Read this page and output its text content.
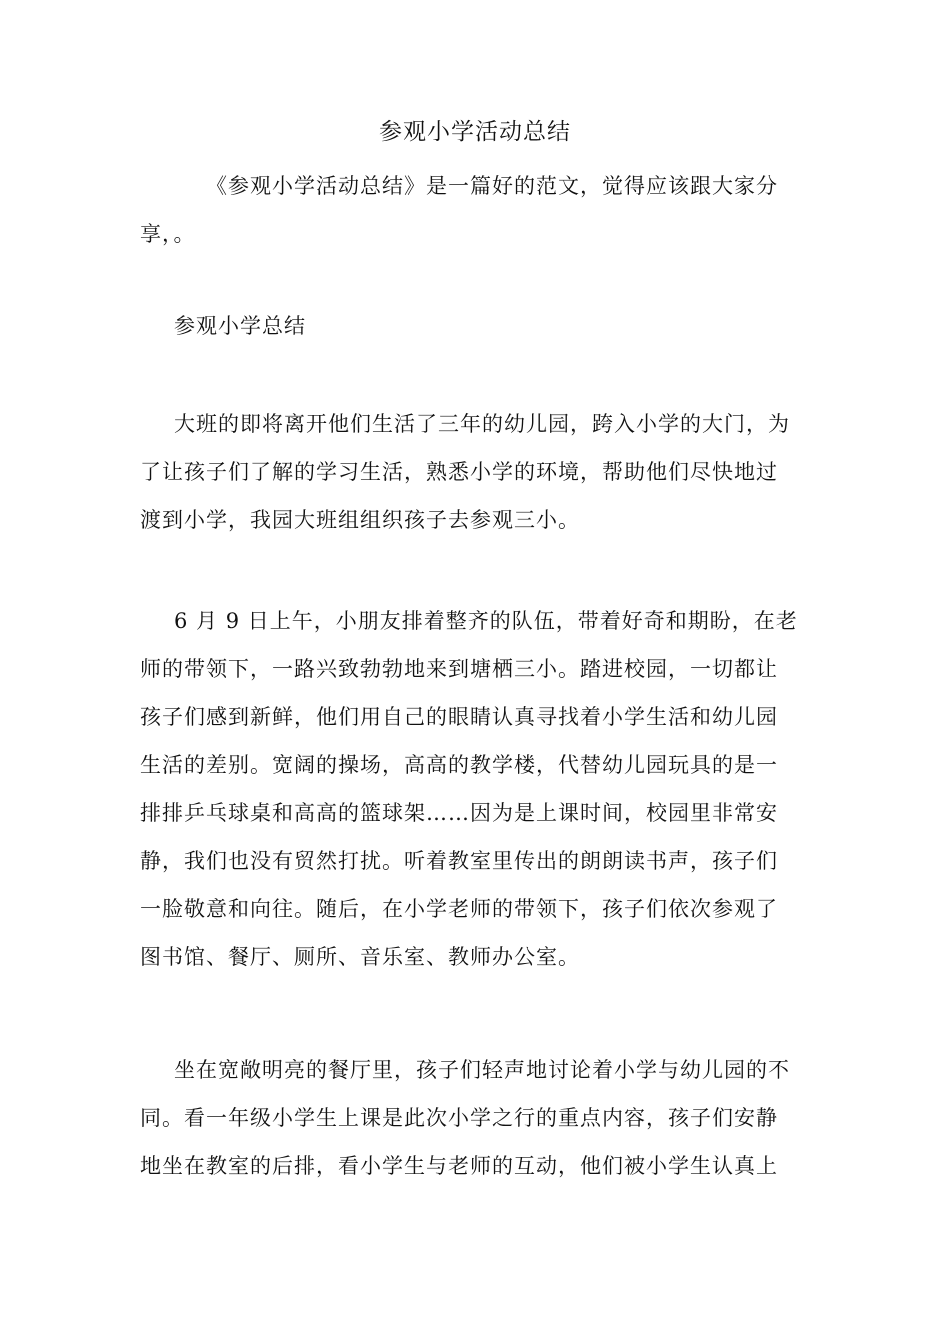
参观小学活动总结
《参观小学活动总结》是一篇好的范文，觉得应该跟大家分
享，。
参观小学总结
大班的即将离开他们生活了三年的幼儿园，跨入小学的大门，为
了让孩子们了解的学习生活，熟悉小学的环境，帮助他们尽快地过
渡到小学，我园大班组组织孩子去参观三小。
6 月 9 日上午，小朋友排着整齐的队伍，带着好奇和期盼，在老
师的带领下，一路兴致勃勃地来到塘栖三小。踏进校园，一切都让
孩子们感到新鲜，他们用自己的眼睛认真寻找着小学生活和幼儿园
生活的差别。宽阔的操场，高高的教学楼，代替幼儿园玩具的是一
排排乒乓球桌和高高的篮球架……因为是上课时间，校园里非常安
静，我们也没有贸然打扰。听着教室里传出的朗朗读书声，孩子们
一脸敬意和向往。随后，在小学老师的带领下，孩子们依次参观了
图书馆、餐厅、厕所、音乐室、教师办公室。
坐在宽敞明亮的餐厅里，孩子们轻声地讨论着小学与幼儿园的不
同。看一年级小学生上课是此次小学之行的重点内容，孩子们安静
地坐在教室的后排，看小学生与老师的互动，他们被小学生认真上
